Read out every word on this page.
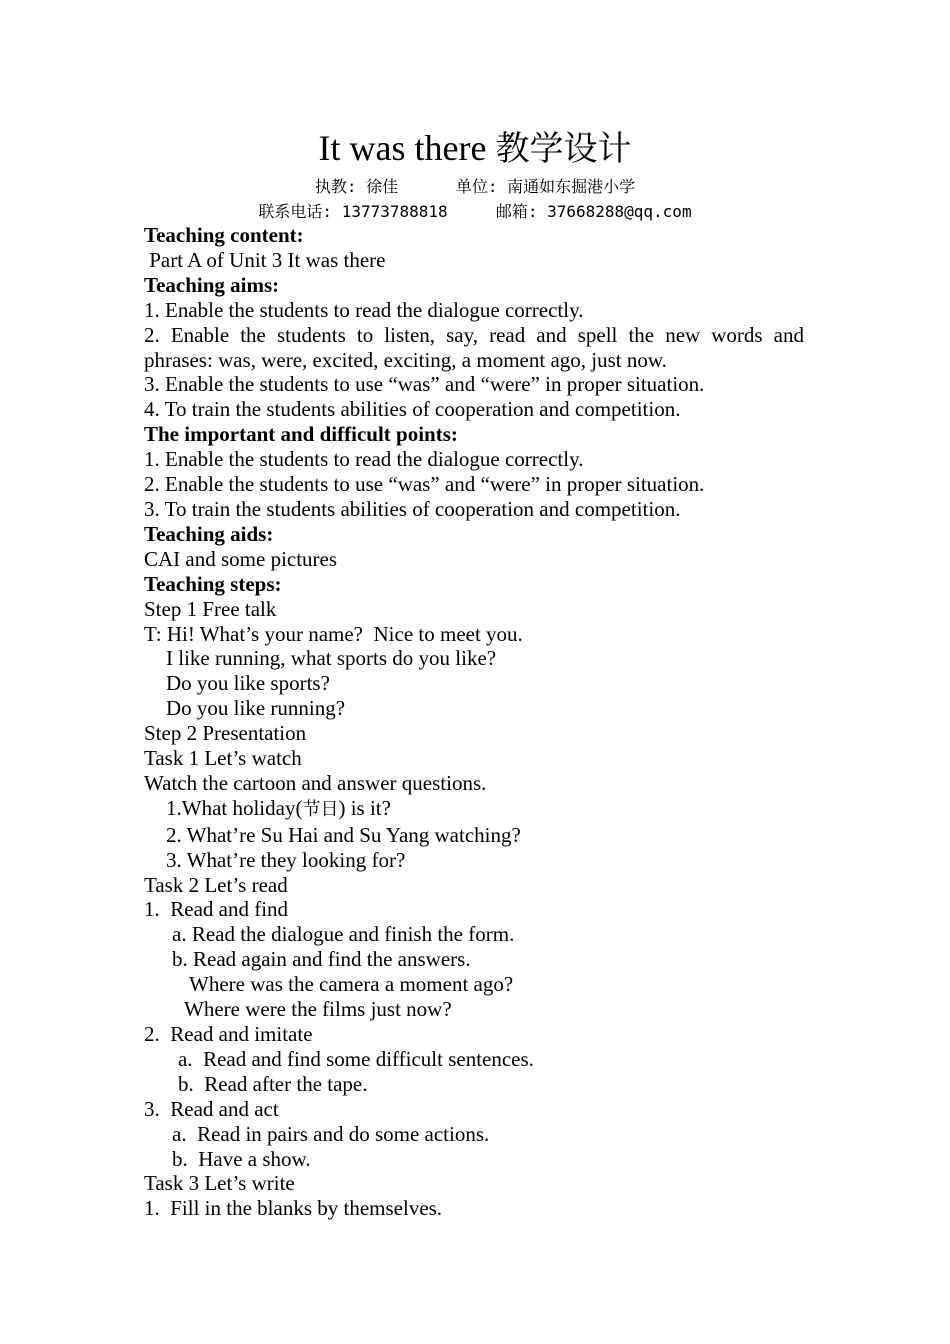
It was there 教学设计
执教: 徐佳      单位: 南通如东掘港小学
联系电话: 13773788818     邮箱: 37668288@qq.com
Teaching content:
Part A of Unit 3 It was there
Teaching aims:
1. Enable the students to read the dialogue correctly.
2. Enable the students to listen, say, read and spell the new words and
phrases: was, were, excited, exciting, a moment ago, just now.
3. Enable the students to use “was” and “were” in proper situation.
4. To train the students abilities of cooperation and competition.
The important and difficult points:
1. Enable the students to read the dialogue correctly.
2. Enable the students to use “was” and “were” in proper situation.
3. To train the students abilities of cooperation and competition.
Teaching aids:
CAI and some pictures
Teaching steps:
Step 1 Free talk
T: Hi! What’s your name?  Nice to meet you.
I like running, what sports do you like?
Do you like sports?
Do you like running?
Step 2 Presentation
Task 1 Let’s watch
Watch the cartoon and answer questions.
1.What holiday(节日) is it?
2. What’re Su Hai and Su Yang watching?
3. What’re they looking for?
Task 2 Let’s read
1.  Read and find
a. Read the dialogue and finish the form.
b. Read again and find the answers.
Where was the camera a moment ago?
Where were the films just now?
2.  Read and imitate
a.  Read and find some difficult sentences.
b.  Read after the tape.
3.  Read and act
a.  Read in pairs and do some actions.
b.  Have a show.
Task 3 Let’s write
1.  Fill in the blanks by themselves.
